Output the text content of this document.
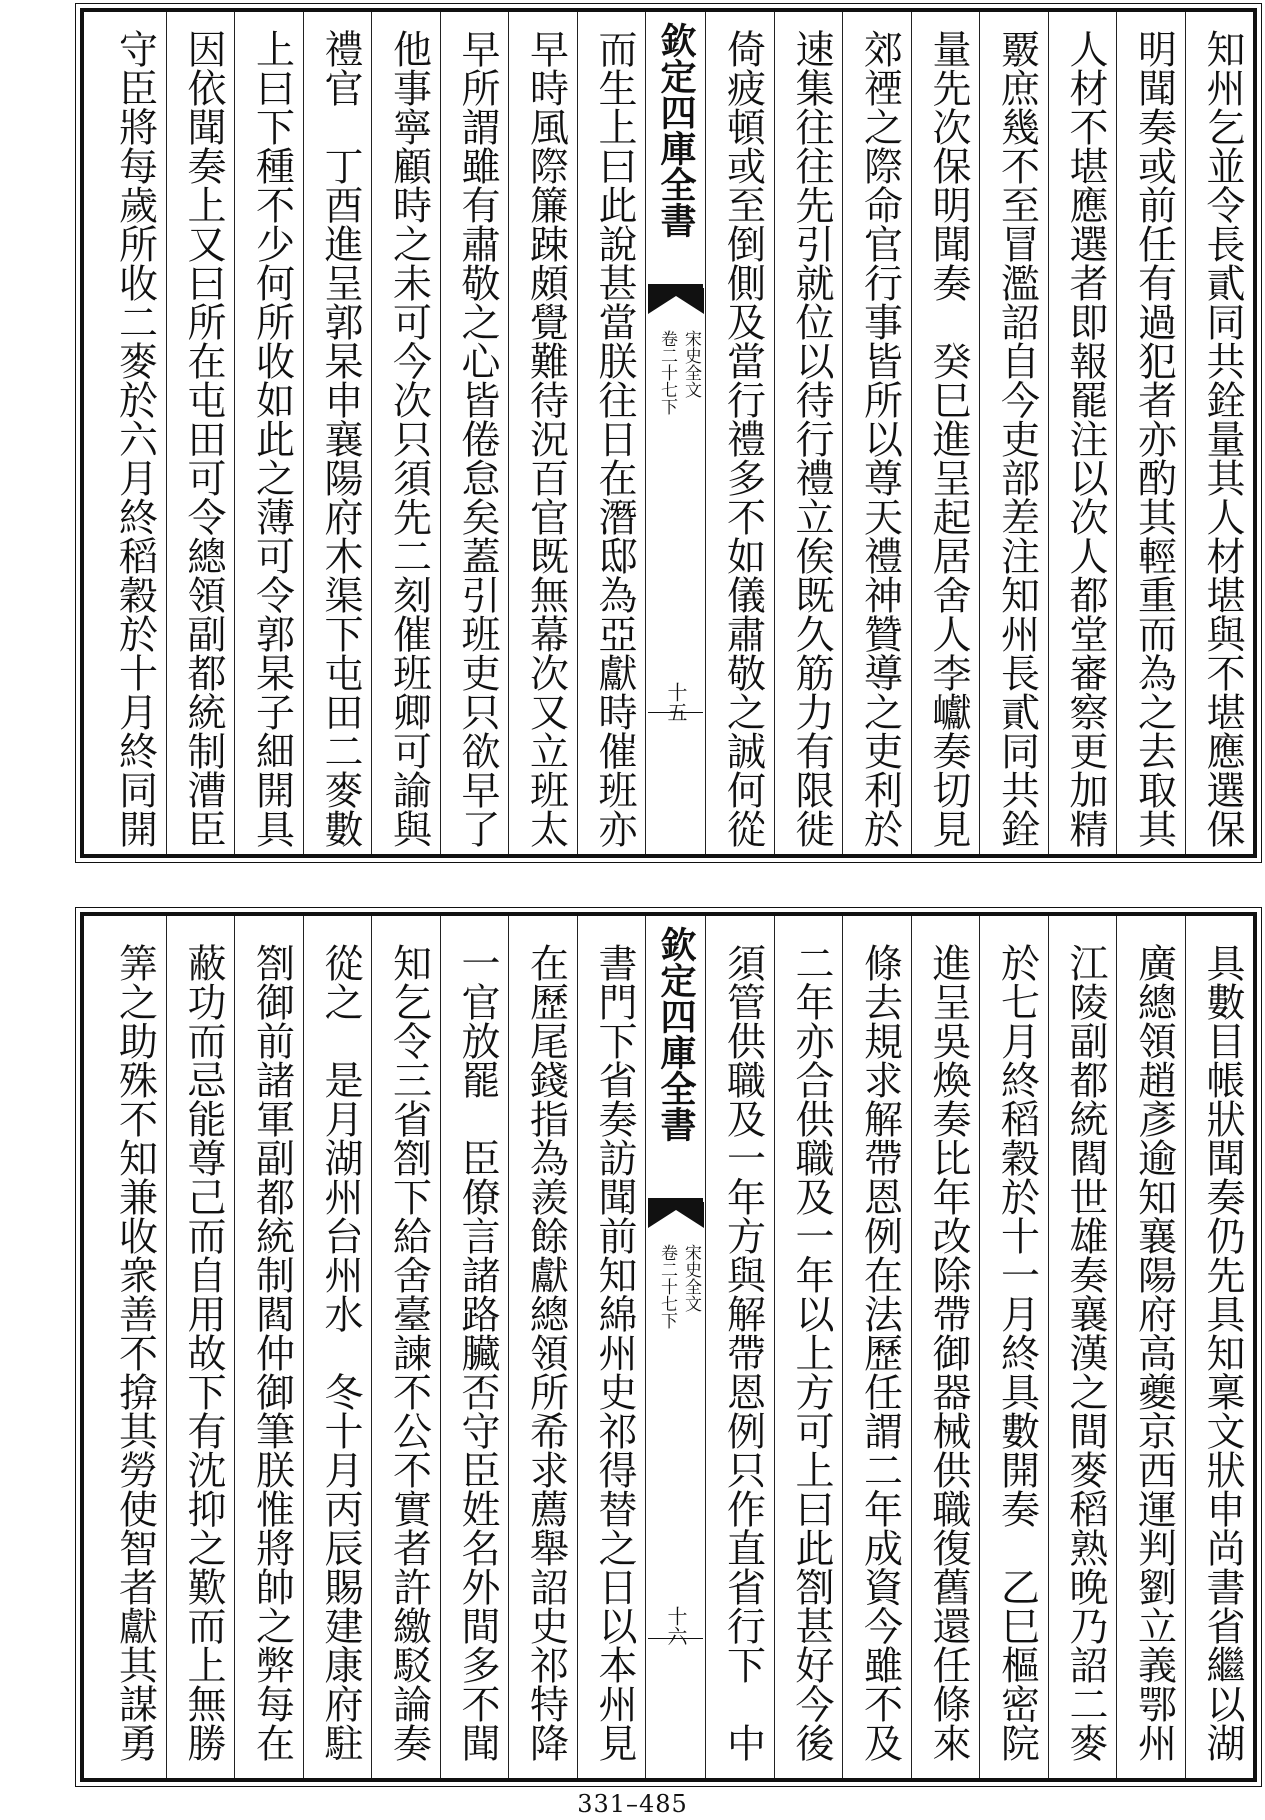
知州乞並令長貳同共銓量其人材堪與不堪應選保
明聞奏或前任有過犯者亦酌其輕重而為之去取其
人材不堪應選者即報罷注以次人都堂審察更加精
覈庶幾不至冒濫詔自今吏部差注知州長貳同共銓
量先次保明聞奏　癸巳進呈起居舍人李巘奏切見
郊禋之際命官行事皆所以尊天禮神贊導之吏利於
速集往往先引就位以待行禮立俟既久筋力有限徙
倚疲頓或至倒側及當行禮多不如儀肅敬之誠何從
欽定四庫全書
宋史全文
卷二十七下
十五
而生上曰此說甚當朕往日在潛邸為亞獻時催班亦
早時風際簾踈頗覺難待況百官既無幕次又立班太
早所謂雖有肅敬之心皆倦怠矣蓋引班吏只欲早了
他事寧顧時之未可今次只須先二刻催班卿可諭與
禮官　丁酉進呈郭杲申襄陽府木渠下屯田二麥數
上曰下種不少何所收如此之薄可令郭杲子細開具
因依聞奏上又曰所在屯田可令總領副都統制漕臣
守臣將每歲所收二麥於六月終稻穀於十月終同開
具數目帳狀聞奏仍先具知稟文狀申尚書省繼以湖
廣總領趙彥逾知襄陽府高夔京西運判劉立義鄂州
江陵副都統閻世雄奏襄漢之間麥稻熟晚乃詔二麥
於七月終稻穀於十一月終具數開奏　乙巳樞密院
進呈吳煥奏比年改除帶御器械供職復舊還任條來
條去規求解帶恩例在法歷任謂二年成資今雖不及
二年亦合供職及一年以上方可上曰此劄甚好今後
須管供職及一年方與解帶恩例只作直省行下　中
欽定四庫全書
宋史全文
卷二十七下
十六
書門下省奏訪聞前知綿州史祁得替之日以本州見
在歷尾錢指為羨餘獻總領所希求薦舉詔史祁特降
一官放罷　臣僚言諸路臟否守臣姓名外間多不聞
知乞令三省劄下給舍臺諫不公不實者許繳駁論奏
從之　是月湖州台州水　冬十月丙辰賜建康府駐
劄御前諸軍副都統制閻仲御筆朕惟將帥之弊每在
蔽功而忌能尊己而自用故下有沈抑之歎而上無勝
筭之助殊不知兼收衆善不揜其勞使智者獻其謀勇
331–485
